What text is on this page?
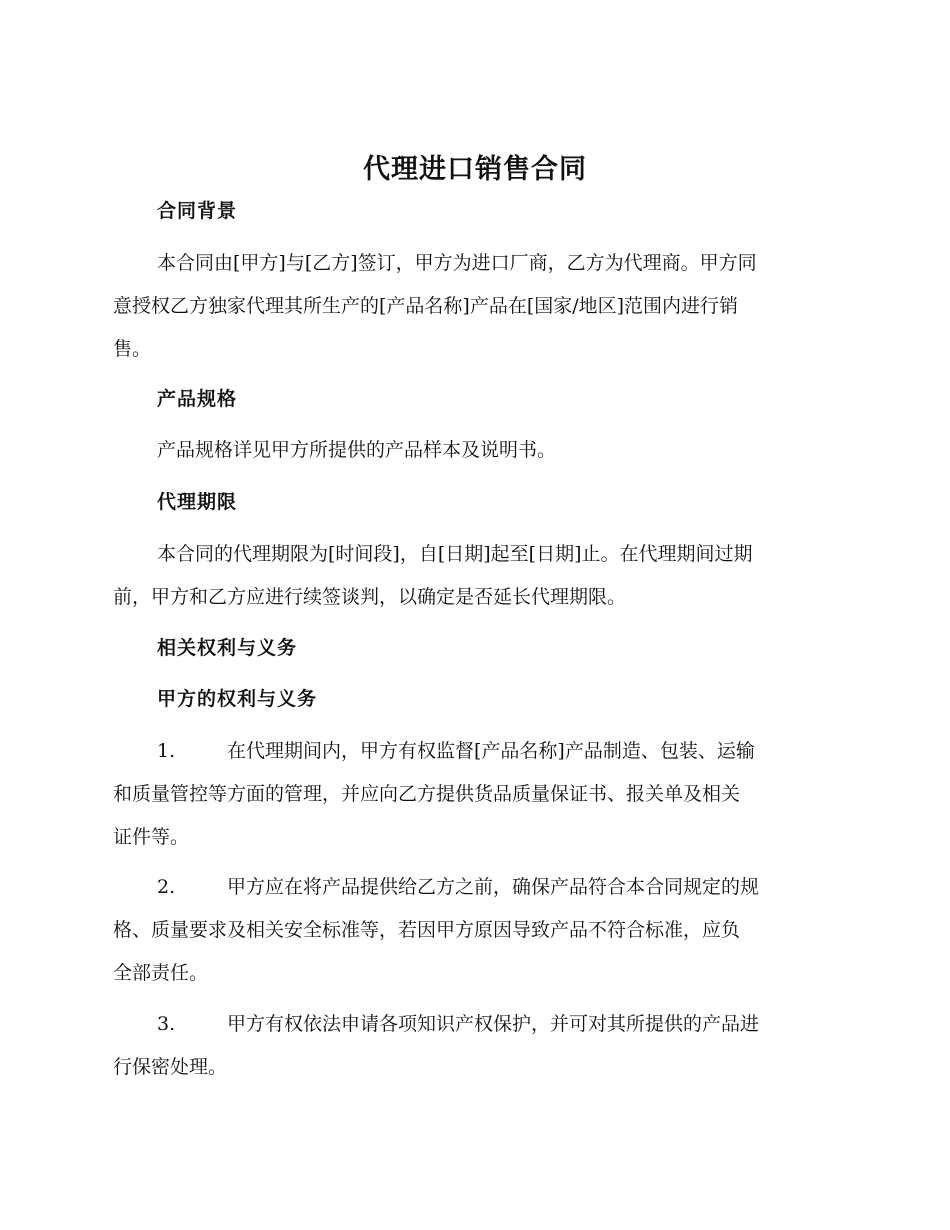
代理进口销售合同
合同背景
本合同由[甲方]与[乙方]签订，甲方为进口厂商，乙方为代理商。甲方同
意授权乙方独家代理其所生产的[产品名称]产品在[国家/地区]范围内进行销
售。
产品规格
产品规格详见甲方所提供的产品样本及说明书。
代理期限
本合同的代理期限为[时间段]，自[日期]起至[日期]止。在代理期间过期
前，甲方和乙方应进行续签谈判，以确定是否延长代理期限。
相关权利与义务
甲方的权利与义务
1.	在代理期间内，甲方有权监督[产品名称]产品制造、包装、运输
和质量管控等方面的管理，并应向乙方提供货品质量保证书、报关单及相关
证件等。
2.	甲方应在将产品提供给乙方之前，确保产品符合本合同规定的规
格、质量要求及相关安全标准等，若因甲方原因导致产品不符合标准，应负
全部责任。
3.	甲方有权依法申请各项知识产权保护，并可对其所提供的产品进
行保密处理。
